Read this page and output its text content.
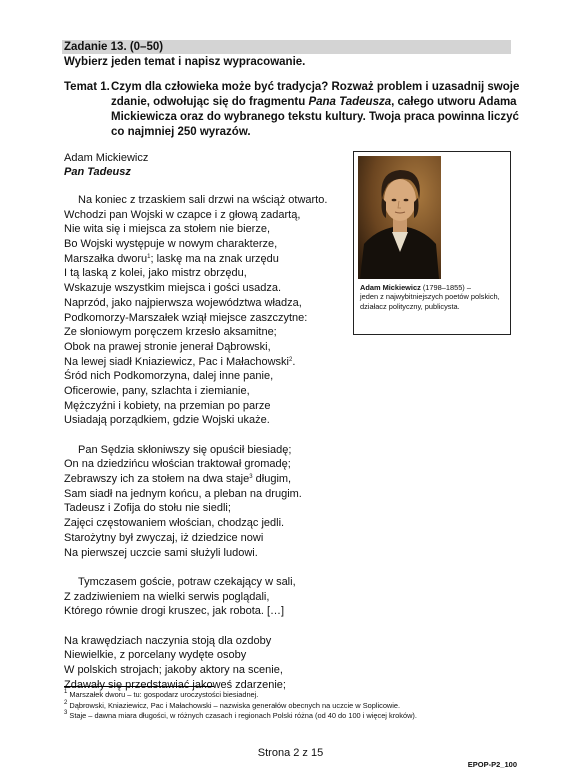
Zadanie 13. (0–50)
Wybierz jeden temat i napisz wypracowanie.
Temat 1. Czym dla człowieka może być tradycja? Rozważ problem i uzasadnij swoje
zdanie, odwołując się do fragmentu Pana Tadeusza, całego utworu Adama
Mickiewicza oraz do wybranego tekstu kultury. Twoja praca powinna liczyć
co najmniej 250 wyrazów.
Adam Mickiewicz
Pan Tadeusz
Na koniec z trzaskiem sali drzwi na wściąż otwarto.
Wchodzi pan Wojski w czapce i z głową zadartą,
Nie wita się i miejsca za stołem nie bierze,
Bo Wojski występuje w nowym charakterze,
Marszałka dworu$^1$; laskę ma na znak urzędu
I tą laską z kolei, jako mistrz obrzędu,
Wskazuje wszystkim miejsca i gości usadza.
Naprzód, jako najpierwsza województwa władza,
Podkomorzy-Marszałek wziął miejsce zaszczytne:
Ze słoniowym poręczem krzesło aksamitne;
Obok na prawej stronie jenerał Dąbrowski,
Na lewej siadł Kniaziewicz, Pac i Małachowski$^2$.
Śród nich Podkomorzyna, dalej inne panie,
Oficerowie, pany, szlachta i ziemianie,
Mężczyźni i kobiety, na przemian po parze
Usiadają porządkiem, gdzie Wojski ukaże.
Pan Sędzia skłoniwszy się opuścił biesiadę;
On na dziedzińcu włościan traktował gromadę;
Zebrawszy ich za stołem na dwa staje$^3$ długim,
Sam siadł na jednym końcu, a pleban na drugim.
Tadeusz i Zofija do stołu nie siedli;
Zajęci częstowaniem włościan, chodząc jedli.
Starożytny był zwyczaj, iż dziedzice nowi
Na pierwszej uczcie sami służyli ludowi.
Tymczasem goście, potraw czekający w sali,
Z zadziwieniem na wielki serwis poglądali,
Którego równie drogi kruszec, jak robota. […]
Na krawędziach naczynia stoją dla ozdoby
Niewielkie, z porcelany wydęte osoby
W polskich strojach; jakoby aktory na scenie,
Zdawały się przedstawiać jakoweś zdarzenie;
Adam Mickiewicz (1798–1855) –
jeden z najwybitniejszych poetów polskich, działacz polityczny, publicysta.
$^1$ Marszałek dworu – tu: gospodarz uroczystości biesiadnej.
$^2$ Dąbrowski, Kniaziewicz, Pac i Małachowski – nazwiska generałów obecnych na uczcie w Soplicowie.
$^3$ Staje – dawna miara długości, w różnych czasach i regionach Polski różna (od 40 do 100 i więcej kroków).
Strona 2 z 15
EPOP-P2_100
